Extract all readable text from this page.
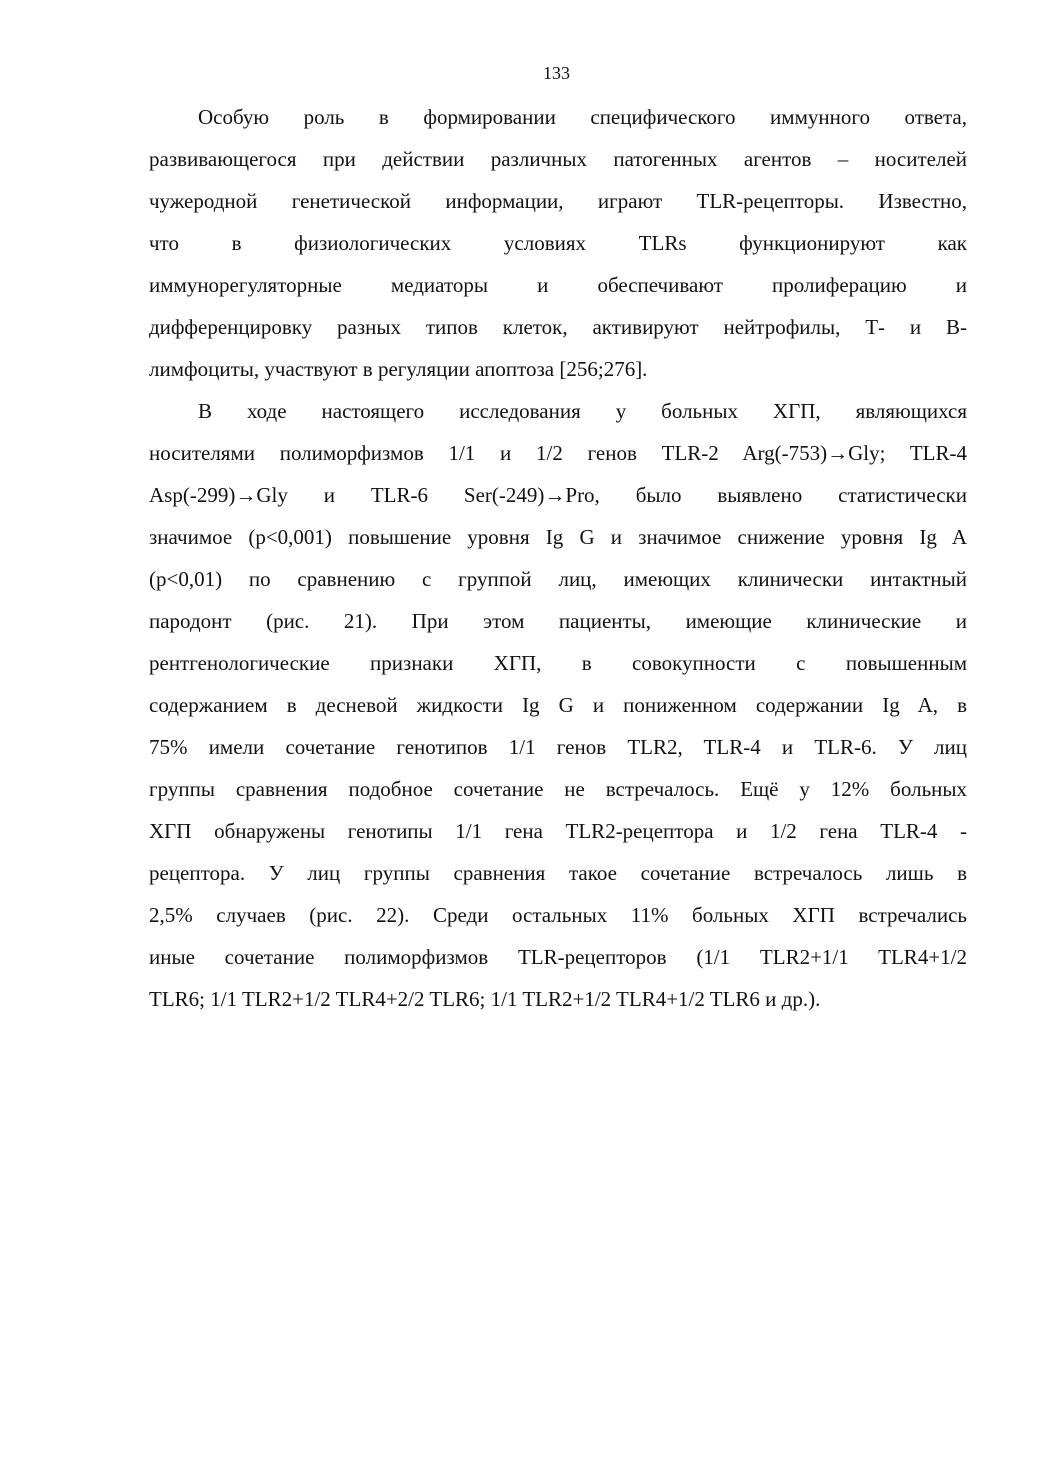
133
Особую роль в формировании специфического иммунного ответа,
развивающегося при действии различных патогенных агентов – носителей
чужеродной генетической информации, играют TLR-рецепторы. Известно,
что в физиологических условиях TLRs функционируют как
иммунорегуляторные медиаторы и обеспечивают пролиферацию и
дифференцировку разных типов клеток, активируют нейтрофилы, Т- и В-
лимфоциты, участвуют в регуляции апоптоза [256;276].
В ходе настоящего исследования у больных ХГП, являющихся
носителями полиморфизмов 1/1 и 1/2 генов TLR-2 Arg(-753)→Gly; TLR-4
Asp(-299)→Gly и TLR-6 Ser(-249)→Pro, было выявлено статистически
значимое (р<0,001) повышение уровня Ig G и значимое снижение уровня Ig A
(р<0,01) по сравнению с группой лиц, имеющих клинически интактный
пародонт (рис. 21). При этом пациенты, имеющие клинические и
рентгенологические признаки ХГП, в совокупности с повышенным
содержанием в десневой жидкости Ig G и пониженном содержании Ig A, в
75% имели сочетание генотипов 1/1 генов TLR2, TLR-4 и TLR-6. У лиц
группы сравнения подобное сочетание не встречалось. Ещё у 12% больных
ХГП обнаружены генотипы 1/1 гена TLR2-рецептора и 1/2 гена TLR-4 -
рецептора. У лиц группы сравнения такое сочетание встречалось лишь в
2,5% случаев (рис. 22). Среди остальных 11% больных ХГП встречались
иные сочетание полиморфизмов TLR-рецепторов (1/1 TLR2+1/1 TLR4+1/2
TLR6; 1/1 TLR2+1/2 TLR4+2/2 TLR6; 1/1 TLR2+1/2 TLR4+1/2 TLR6 и др.).
